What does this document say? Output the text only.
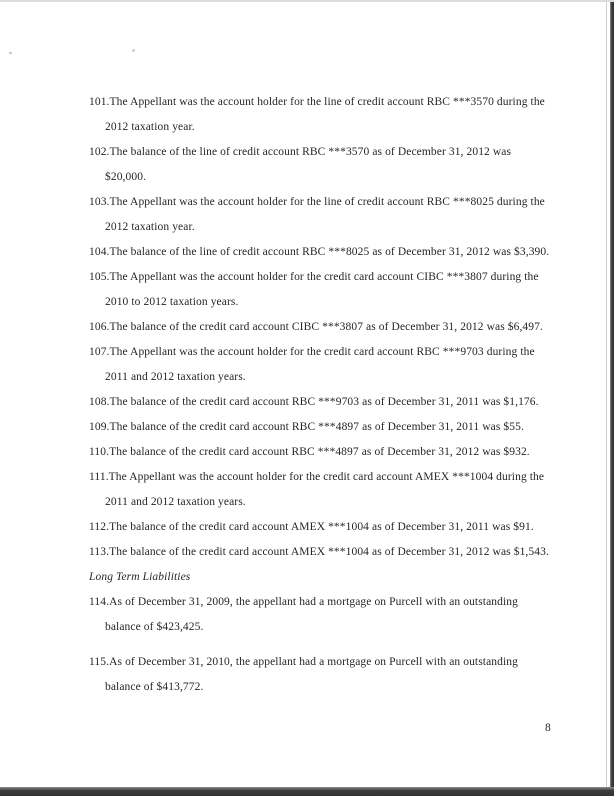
101.The Appellant was the account holder for the line of credit account RBC ***3570 during the
2012 taxation year.
102.The balance of the line of credit account RBC ***3570 as of December 31, 2012 was
$20,000.
103.The Appellant was the account holder for the line of credit account RBC ***8025 during the
2012 taxation year.
104.The balance of the line of credit account RBC ***8025 as of December 31, 2012 was $3,390.
105.The Appellant was the account holder for the credit card account CIBC ***3807 during the
2010 to 2012 taxation years.
106.The balance of the credit card account CIBC ***3807 as of December 31, 2012 was $6,497.
107.The Appellant was the account holder for the credit card account RBC ***9703 during the
2011 and 2012 taxation years.
108.The balance of the credit card account RBC ***9703 as of December 31, 2011 was $1,176.
109.The balance of the credit card account RBC ***4897 as of December 31, 2011 was $55.
110.The balance of the credit card account RBC ***4897 as of December 31, 2012 was $932.
111.The Appellant was the account holder for the credit card account AMEX ***1004 during the
2011 and 2012 taxation years.
112.The balance of the credit card account AMEX ***1004 as of December 31, 2011 was $91.
113.The balance of the credit card account AMEX ***1004 as of December 31, 2012 was $1,543.
Long Term Liabilities
114.As of December 31, 2009, the appellant had a mortgage on Purcell with an outstanding
balance of $423,425.
115.As of December 31, 2010, the appellant had a mortgage on Purcell with an outstanding
balance of $413,772.
8
